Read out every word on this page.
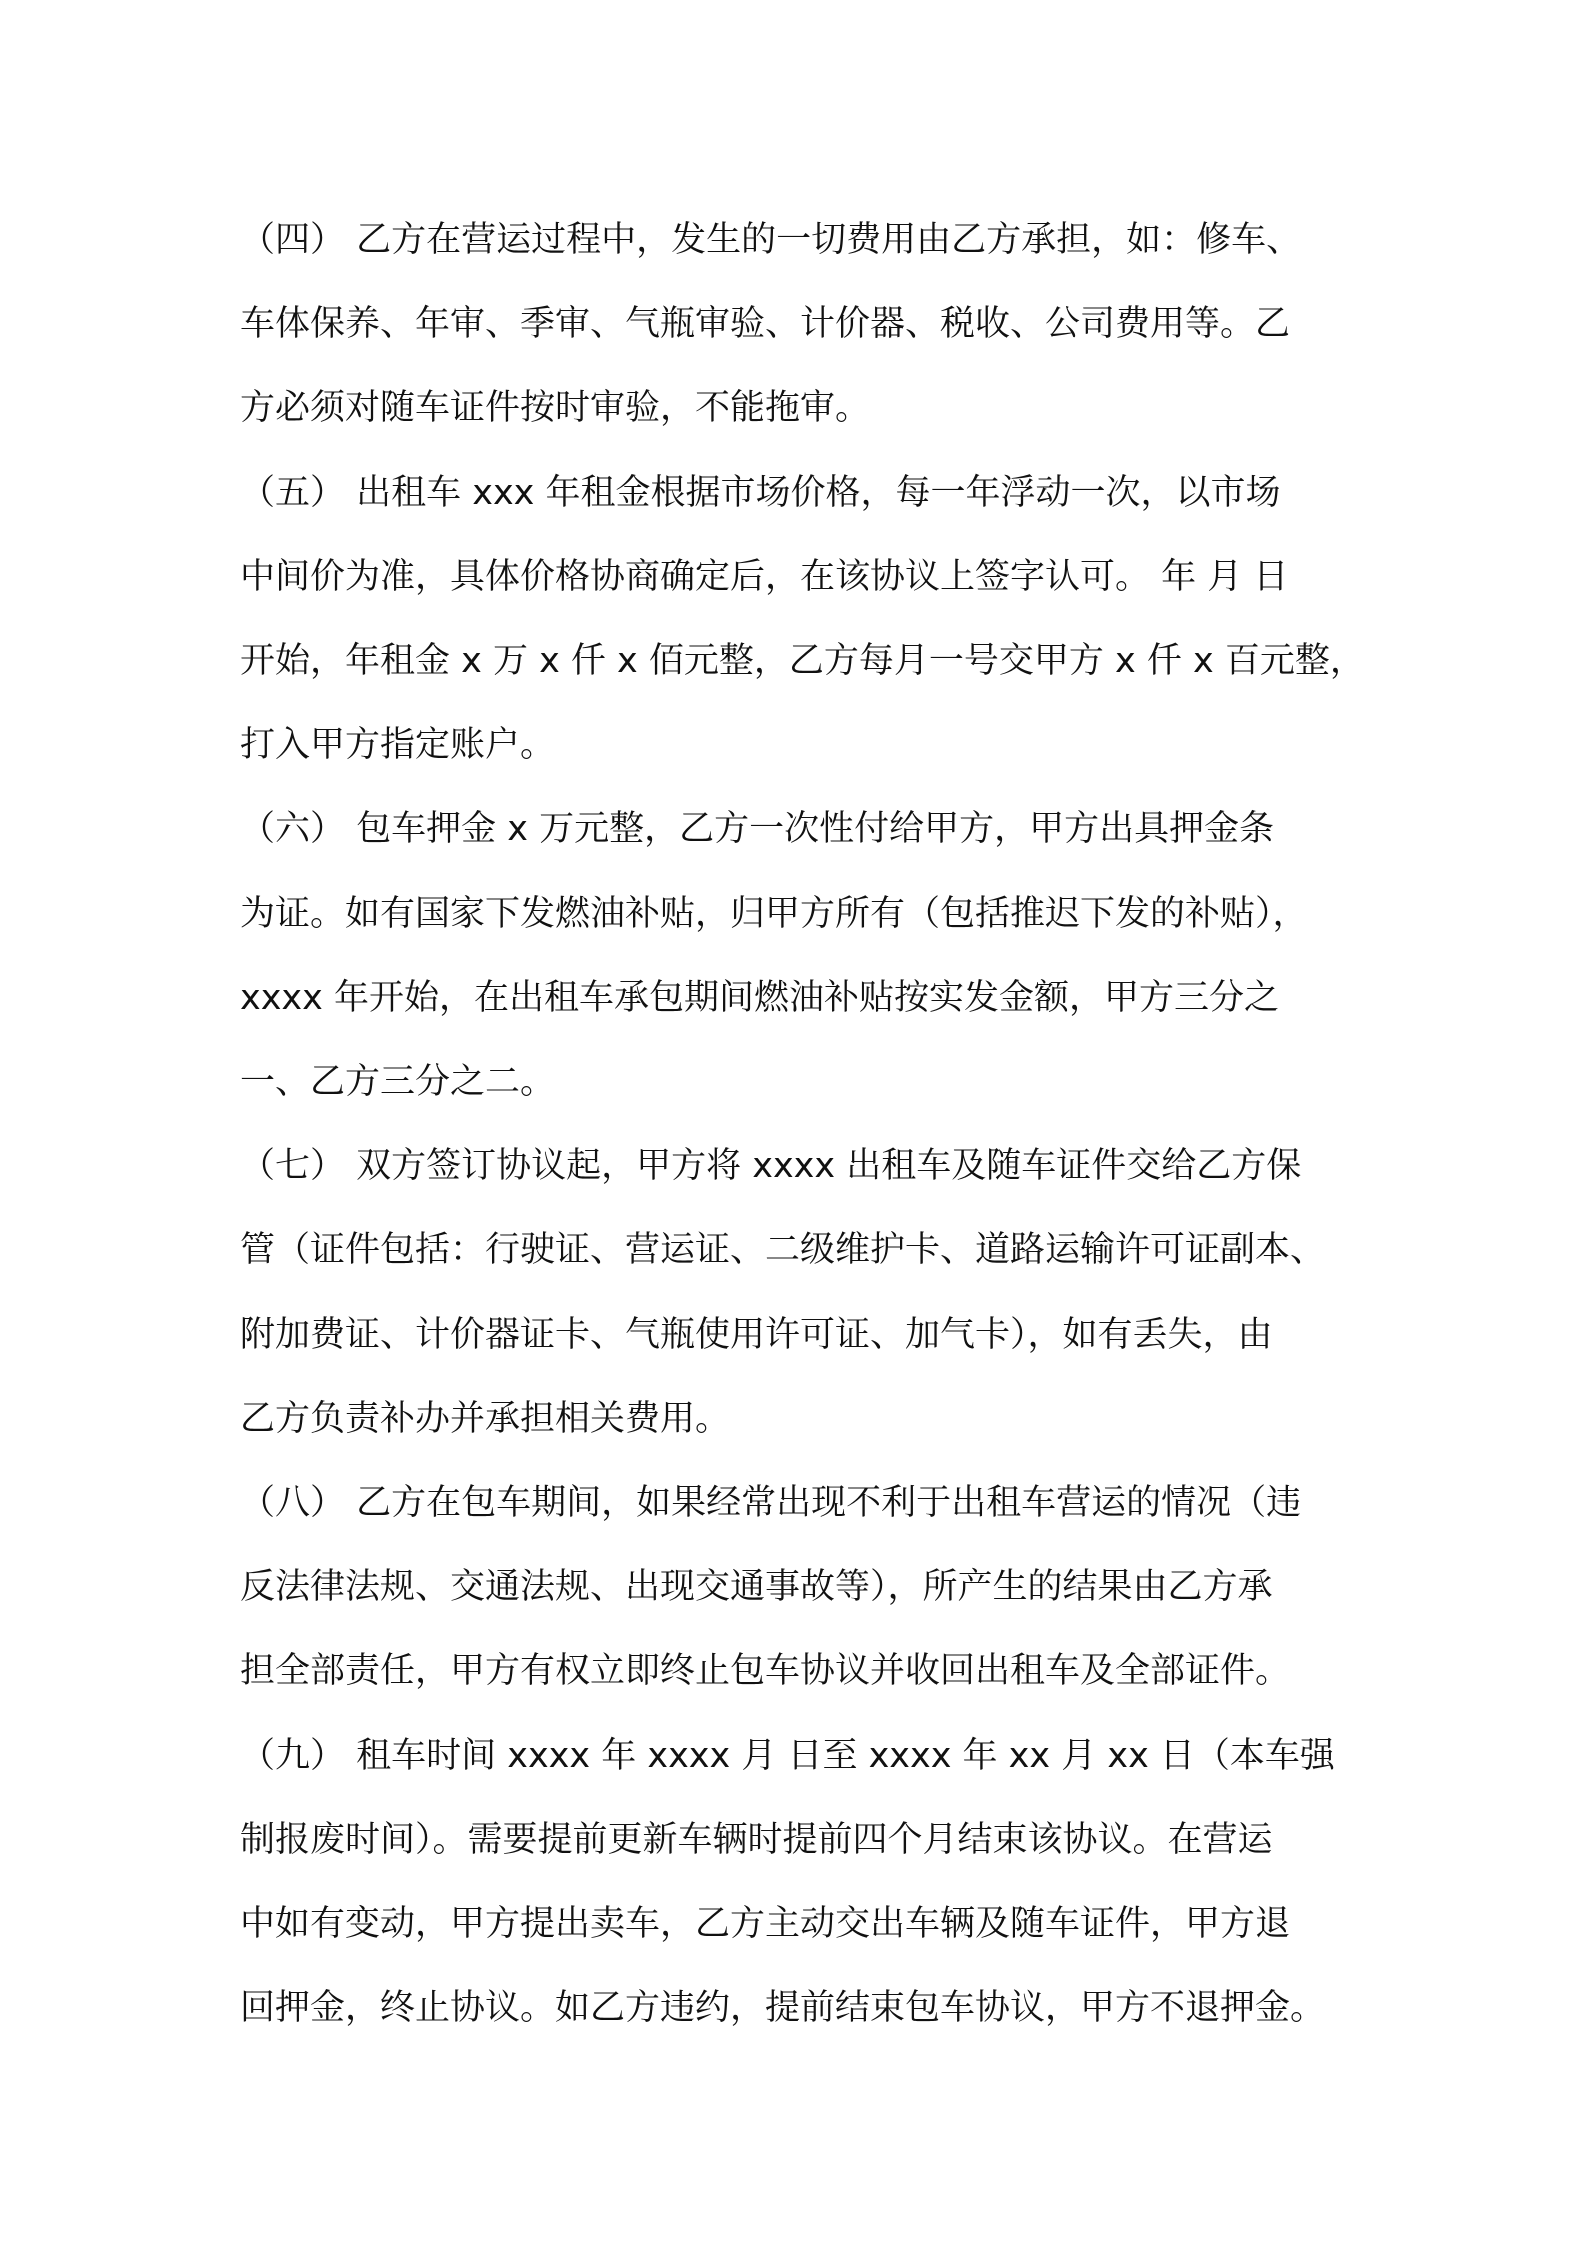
（四） 乙方在营运过程中，发生的一切费用由乙方承担，如：修车、
车体保养、年审、季审、气瓶审验、计价器、税收、公司费用等。乙
方必须对随车证件按时审验，不能拖审。
（五） 出租车 xxx 年租金根据市场价格，每一年浮动一次，以市场
中间价为准，具体价格协商确定后，在该协议上签字认可。 年 月 日
开始，年租金 x 万 x 仟 x 佰元整，乙方每月一号交甲方 x 仟 x 百元整，
打入甲方指定账户。
（六） 包车押金 x 万元整，乙方一次性付给甲方，甲方出具押金条
为证。如有国家下发燃油补贴，归甲方所有（包括推迟下发的补贴），
xxxx 年开始，在出租车承包期间燃油补贴按实发金额，甲方三分之
一、乙方三分之二。
（七） 双方签订协议起，甲方将 xxxx 出租车及随车证件交给乙方保
管（证件包括：行驶证、营运证、二级维护卡、道路运输许可证副本、
附加费证、计价器证卡、气瓶使用许可证、加气卡），如有丢失，由
乙方负责补办并承担相关费用。
（八） 乙方在包车期间，如果经常出现不利于出租车营运的情况（违
反法律法规、交通法规、出现交通事故等），所产生的结果由乙方承
担全部责任，甲方有权立即终止包车协议并收回出租车及全部证件。
（九） 租车时间 xxxx 年 xxxx 月 日至 xxxx 年 xx 月 xx 日（本车强
制报废时间）。需要提前更新车辆时提前四个月结束该协议。在营运
中如有变动，甲方提出卖车，乙方主动交出车辆及随车证件，甲方退
回押金，终止协议。如乙方违约，提前结束包车协议，甲方不退押金。
